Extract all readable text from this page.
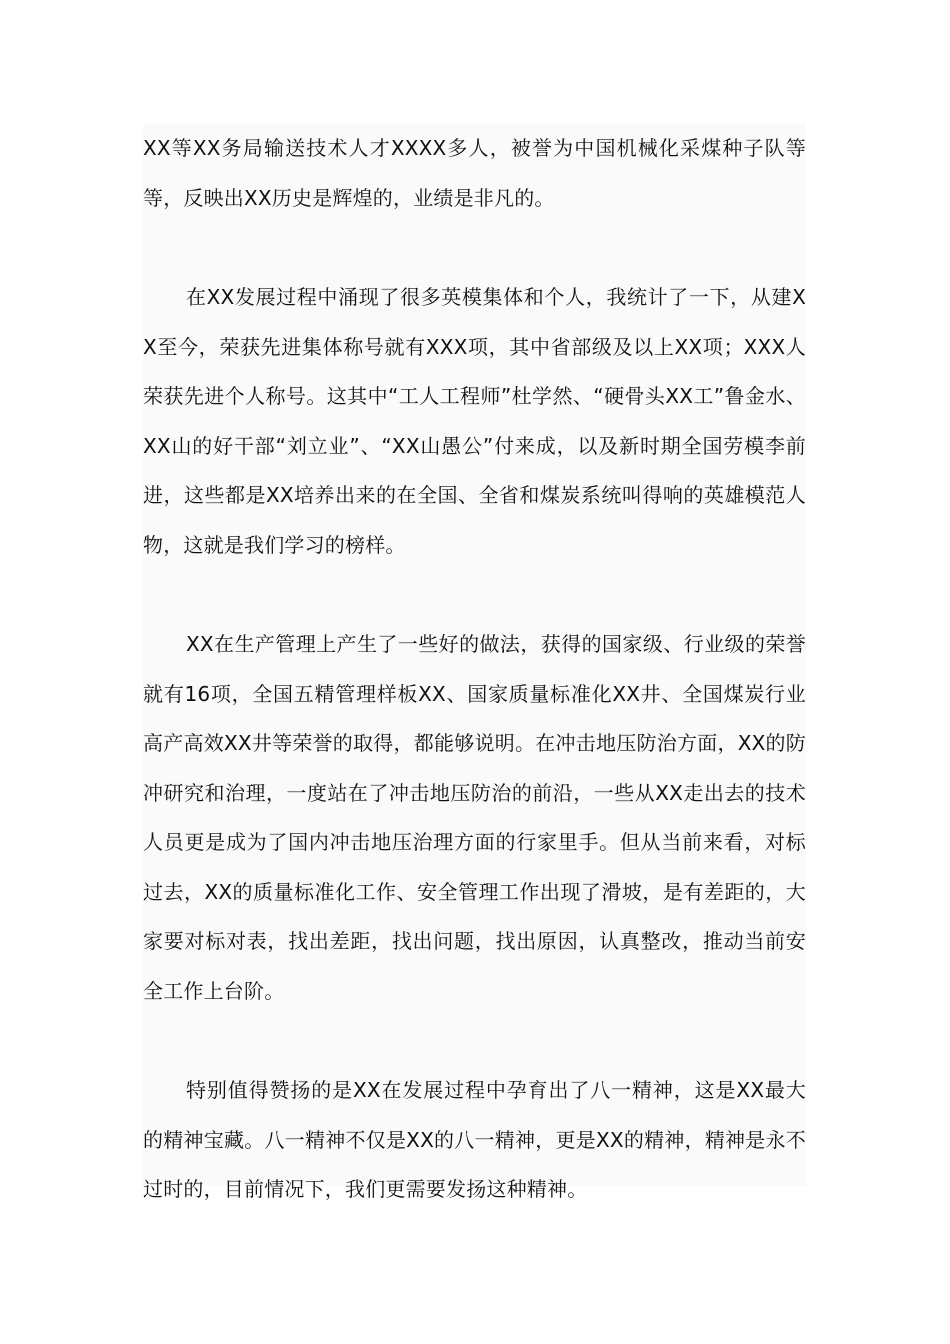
XX等XX务局输送技术人才XXXX多人，被誉为中国机械化采煤种子队等等，反映出XX历史是辉煌的，业绩是非凡的。

在XX发展过程中涌现了很多英模集体和个人，我统计了一下，从建XX至今，荣获先进集体称号就有XXX项，其中省部级及以上XX项；XXX人荣获先进个人称号。这其中“工人工程师”杜学然、“硬骨头XX工”鲁金水、XX山的好干部“刘立业”、“XX山愚公”付来成，以及新时期全国劳模李前进，这些都是XX培养出来的在全国、全省和煤炭系统叫得响的英雄模范人物，这就是我们学习的榜样。

XX在生产管理上产生了一些好的做法，获得的国家级、行业级的荣誉就有16项，全国五精管理样板XX、国家质量标准化XX井、全国煤炭行业高产高效XX井等荣誉的取得，都能够说明。在冲击地压防治方面，XX的防冲研究和治理，一度站在了冲击地压防治的前沿，一些从XX走出去的技术人员更是成为了国内冲击地压治理方面的行家里手。但从当前来看，对标过去，XX的质量标准化工作、安全管理工作出现了滑坡，是有差距的，大家要对标对表，找出差距，找出问题，找出原因，认真整改，推动当前安全工作上台阶。

特别值得赞扬的是XX在发展过程中孕育出了八一精神，这是XX最大的精神宝藏。八一精神不仅是XX的八一精神，更是XX的精神，精神是永不过时的，目前情况下，我们更需要发扬这种精神。
